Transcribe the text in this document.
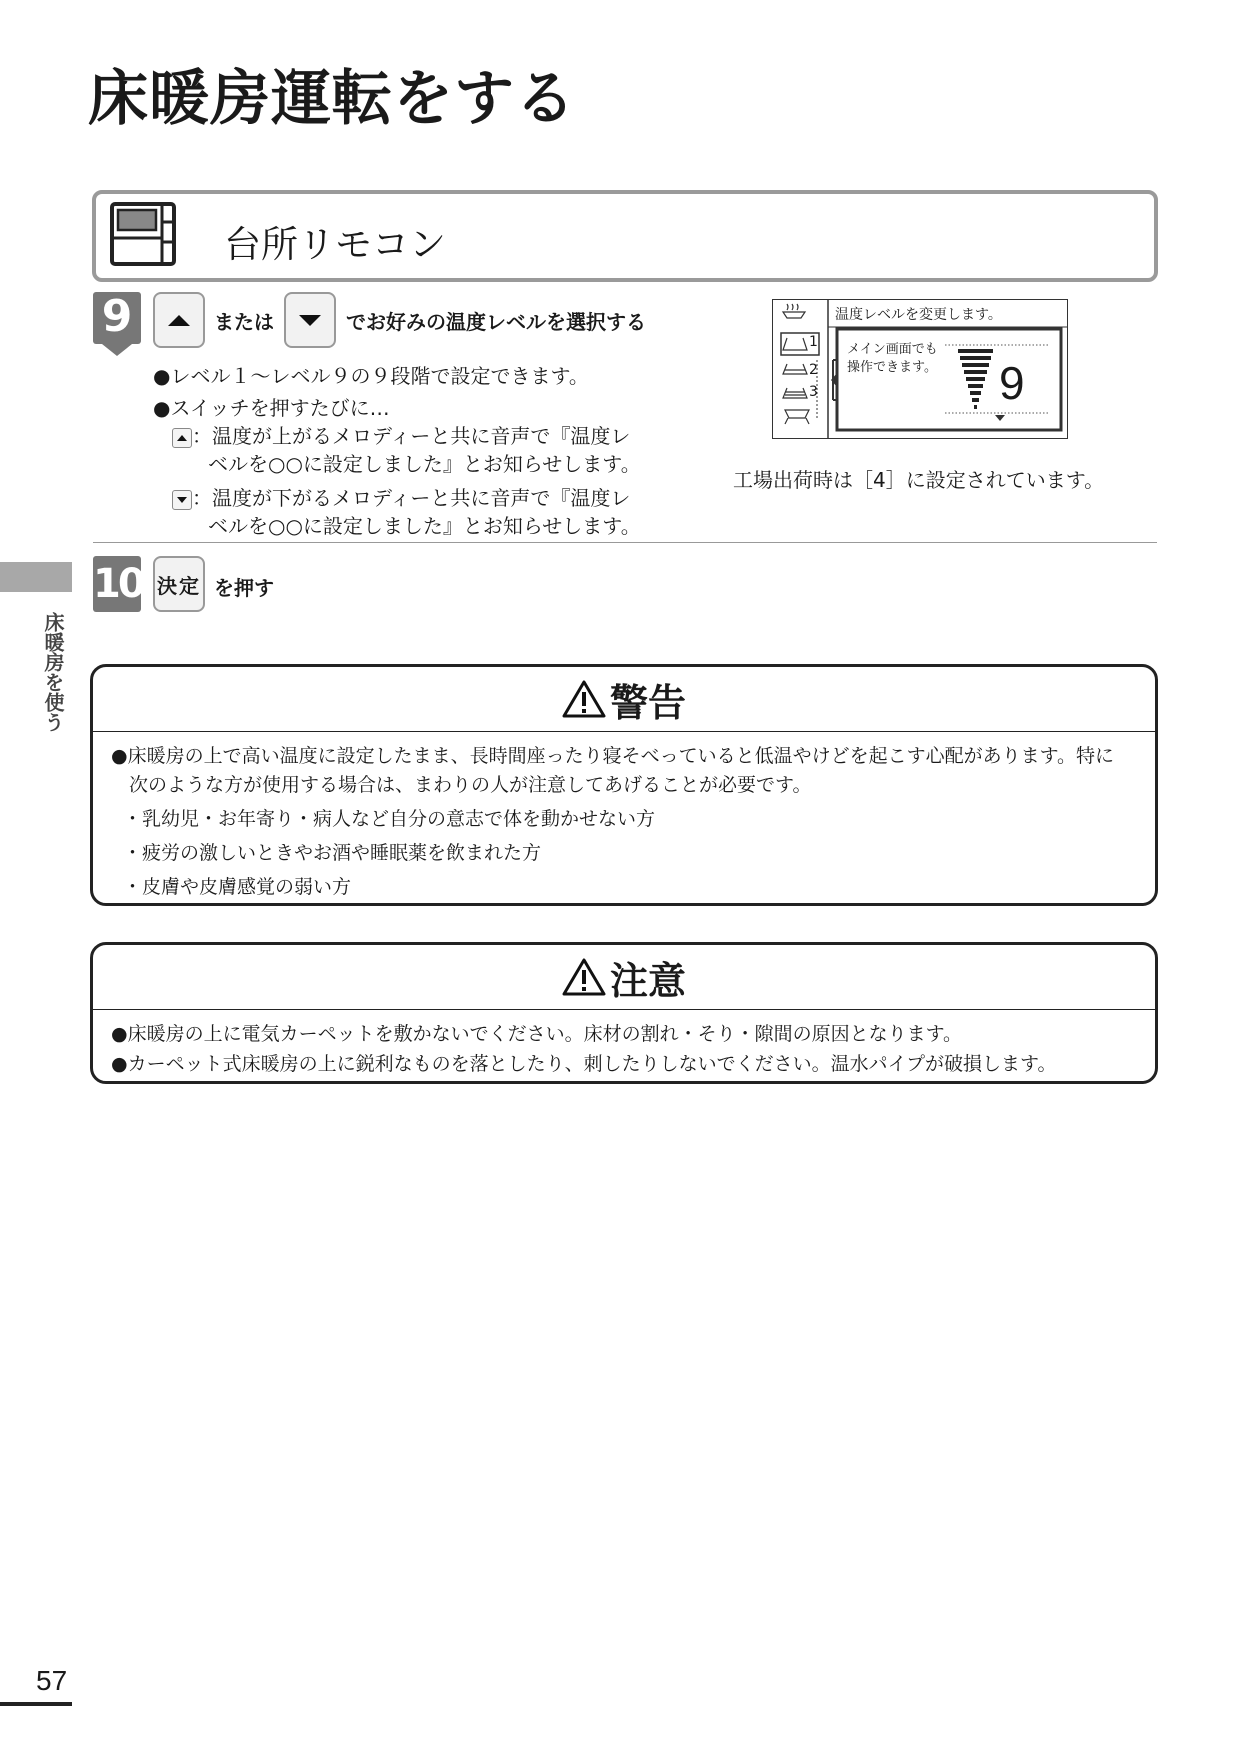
床暖房運転をする
台所リモコン
9	または	でお好みの温度レベルを選択する
●レベル１～レベル９の９段階で設定できます。
●スイッチを押すたびに…
：温度が上がるメロディーと共に音声で『温度レ
ベルを○○に設定しました』とお知らせします。
：温度が下がるメロディーと共に音声で『温度レ
ベルを○○に設定しました』とお知らせします。
温度レベルを変更します。
メイン画面でも
操作できます。
1
2
3	9
工場出荷時は［4］に設定されています。
10 決定 を押す
床暖房を使う	警告
●床暖房の上で高い温度に設定したまま、長時間座ったり寝そべっていると低温やけどを起こす心配があります。特に
次のような方が使用する場合は、まわりの人が注意してあげることが必要です。
・乳幼児・お年寄り・病人など自分の意志で体を動かせない方
・疲労の激しいときやお酒や睡眠薬を飲まれた方
・皮膚や皮膚感覚の弱い方
注意
●床暖房の上に電気カーペットを敷かないでください。床材の割れ・そり・隙間の原因となります。
●カーペット式床暖房の上に鋭利なものを落としたり、刺したりしないでください。温水パイプが破損します。
57
